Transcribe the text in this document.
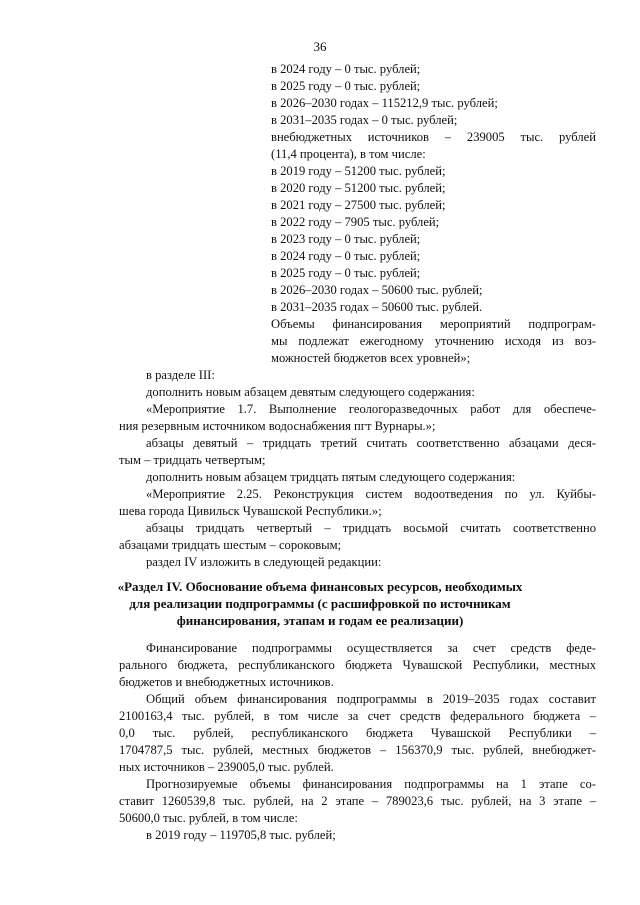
36
в 2024 году – 0 тыс. рублей;
в 2025 году – 0 тыс. рублей;
в 2026–2030 годах – 115212,9 тыс. рублей;
в 2031–2035 годах – 0 тыс. рублей;
внебюджетных источников – 239005 тыс. рублей
(11,4 процента), в том числе:
в 2019 году – 51200 тыс. рублей;
в 2020 году – 51200 тыс. рублей;
в 2021 году – 27500 тыс. рублей;
в 2022 году – 7905 тыс. рублей;
в 2023 году – 0 тыс. рублей;
в 2024 году – 0 тыс. рублей;
в 2025 году – 0 тыс. рублей;
в 2026–2030 годах – 50600 тыс. рублей;
в 2031–2035 годах – 50600 тыс. рублей.
Объемы финансирования мероприятий подпрограм-
мы подлежат ежегодному уточнению исходя из воз-
можностей бюджетов всех уровней»;
в разделе III:
дополнить новым абзацем девятым следующего содержания:
«Мероприятие 1.7. Выполнение геологоразведочных работ для обеспече-
ния резервным источником водоснабжения пгт Вурнары.»;
абзацы девятый – тридцать третий считать соответственно абзацами деся-
тым – тридцать четвертым;
дополнить новым абзацем тридцать пятым следующего содержания:
«Мероприятие 2.25. Реконструкция систем водоотведения по ул. Куйбы-
шева города Цивильск Чувашской Республики.»;
абзацы тридцать четвертый – тридцать восьмой считать соответственно
абзацами тридцать шестым – сороковым;
раздел IV изложить в следующей редакции:
«Раздел IV. Обоснование объема финансовых ресурсов, необходимых
для реализации подпрограммы (с расшифровкой по источникам
финансирования, этапам и годам ее реализации)
Финансирование подпрограммы осуществляется за счет средств феде-
рального бюджета, республиканского бюджета Чувашской Республики, местных
бюджетов и внебюджетных источников.
Общий объем финансирования подпрограммы в 2019–2035 годах составит
2100163,4 тыс. рублей, в том числе за счет средств федерального бюджета –
0,0 тыс. рублей, республиканского бюджета Чувашской Республики –
1704787,5 тыс. рублей, местных бюджетов – 156370,9 тыс. рублей, внебюджет-
ных источников – 239005,0 тыс. рублей.
Прогнозируемые объемы финансирования подпрограммы на 1 этапе со-
ставит 1260539,8 тыс. рублей, на 2 этапе – 789023,6 тыс. рублей, на 3 этапе –
50600,0 тыс. рублей, в том числе:
в 2019 году – 119705,8 тыс. рублей;
